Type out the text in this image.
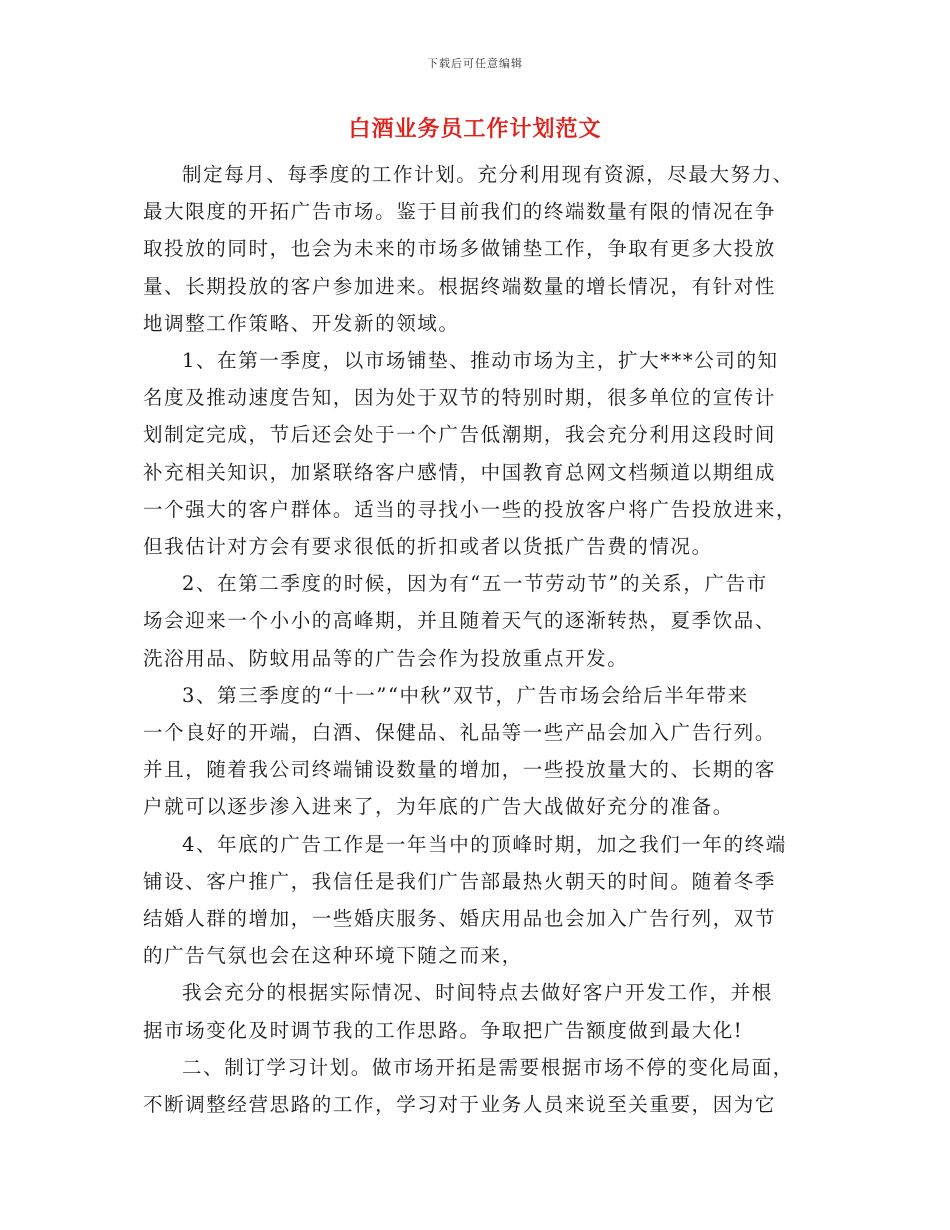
下载后可任意编辑
白酒业务员工作计划范文

制定每月、每季度的工作计划。充分利用现有资源，尽最大努力、
最大限度的开拓广告市场。鉴于目前我们的终端数量有限的情况在争
取投放的同时，也会为未来的市场多做铺垫工作，争取有更多大投放
量、长期投放的客户参加进来。根据终端数量的增长情况，有针对性
地调整工作策略、开发新的领域。

1、在第一季度，以市场铺垫、推动市场为主，扩大***公司的知
名度及推动速度告知，因为处于双节的特别时期，很多单位的宣传计
划制定完成，节后还会处于一个广告低潮期，我会充分利用这段时间
补充相关知识，加紧联络客户感情，中国教育总网文档频道以期组成
一个强大的客户群体。适当的寻找小一些的投放客户将广告投放进来，
但我估计对方会有要求很低的折扣或者以货抵广告费的情况。

2、在第二季度的时候，因为有“五一节劳动节”的关系，广告市
场会迎来一个小小的高峰期，并且随着天气的逐渐转热，夏季饮品、
洗浴用品、防蚊用品等的广告会作为投放重点开发。

3、第三季度的“十一”“中秋”双节，广告市场会给后半年带来
一个良好的开端，白酒、保健品、礼品等一些产品会加入广告行列。
并且，随着我公司终端铺设数量的增加，一些投放量大的、长期的客
户就可以逐步渗入进来了，为年底的广告大战做好充分的准备。

4、年底的广告工作是一年当中的顶峰时期，加之我们一年的终端
铺设、客户推广，我信任是我们广告部最热火朝天的时间。随着冬季
结婚人群的增加，一些婚庆服务、婚庆用品也会加入广告行列，双节
的广告气氛也会在这种环境下随之而来，

我会充分的根据实际情况、时间特点去做好客户开发工作，并根
据市场变化及时调节我的工作思路。争取把广告额度做到最大化!

二、制订学习计划。做市场开拓是需要根据市场不停的变化局面，
不断调整经营思路的工作，学习对于业务人员来说至关重要，因为它
